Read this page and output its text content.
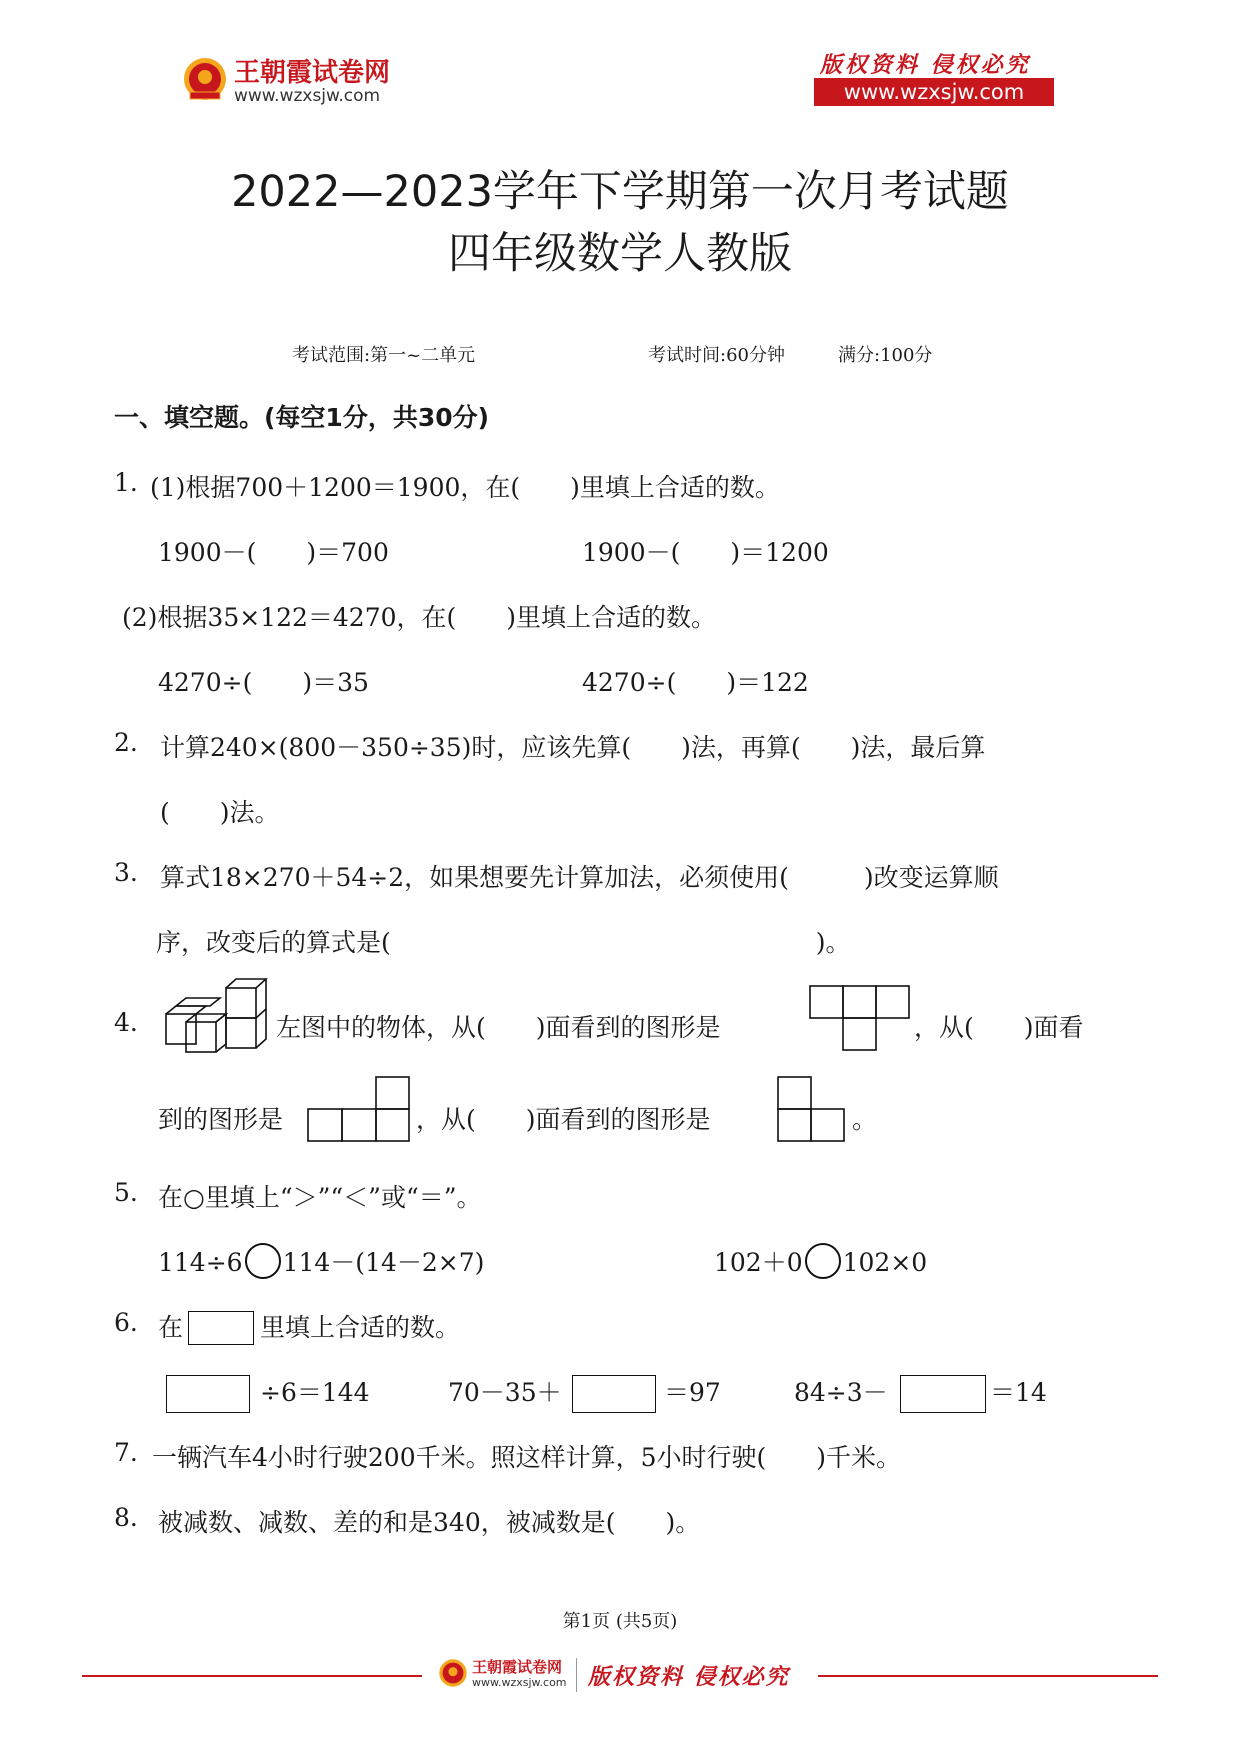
王朝霞试卷网
www.wzxsjw.com
版权资料 侵权必究
www.wzxsjw.com
2022—2023学年下学期第一次月考试题
四年级数学人教版
考试范围:第一~二单元	考试时间:60分钟	满分:100分
一、填空题。(每空1分，共30分)
1. (1)根据700＋1200＝1900，在(　　)里填上合适的数。
1900－(　　)＝700	1900－(　　)＝1200
(2)根据35×122＝4270，在(　　)里填上合适的数。
4270÷(　　)＝35	4270÷(　　)＝122
2. 计算240×(800－350÷35)时，应该先算(　　)法，再算(　　)法，最后算
(　　)法。
3. 算式18×270＋54÷2，如果想要先计算加法，必须使用(　　　)改变运算顺
序，改变后的算式是(　　　　　　　　　　　　　　　　　)。
4.	左图中的物体，从(　　)面看到的图形是	，从(　　)面看
到的图形是	，从(　　)面看到的图形是	。
5. 在○里填上“＞”“＜”或“＝”。
114÷6 114－(14－2×7)	102＋0 102×0
6. 在	里填上合适的数。
÷6＝144	70－35＋	＝97	84÷3－	＝14
7. 一辆汽车4小时行驶200千米。照这样计算，5小时行驶(　　)千米。
8. 被减数、减数、差的和是340，被减数是(　　)。
第1页 (共5页)
王朝霞试卷网
www.wzxsjw.com 版权资料 侵权必究
